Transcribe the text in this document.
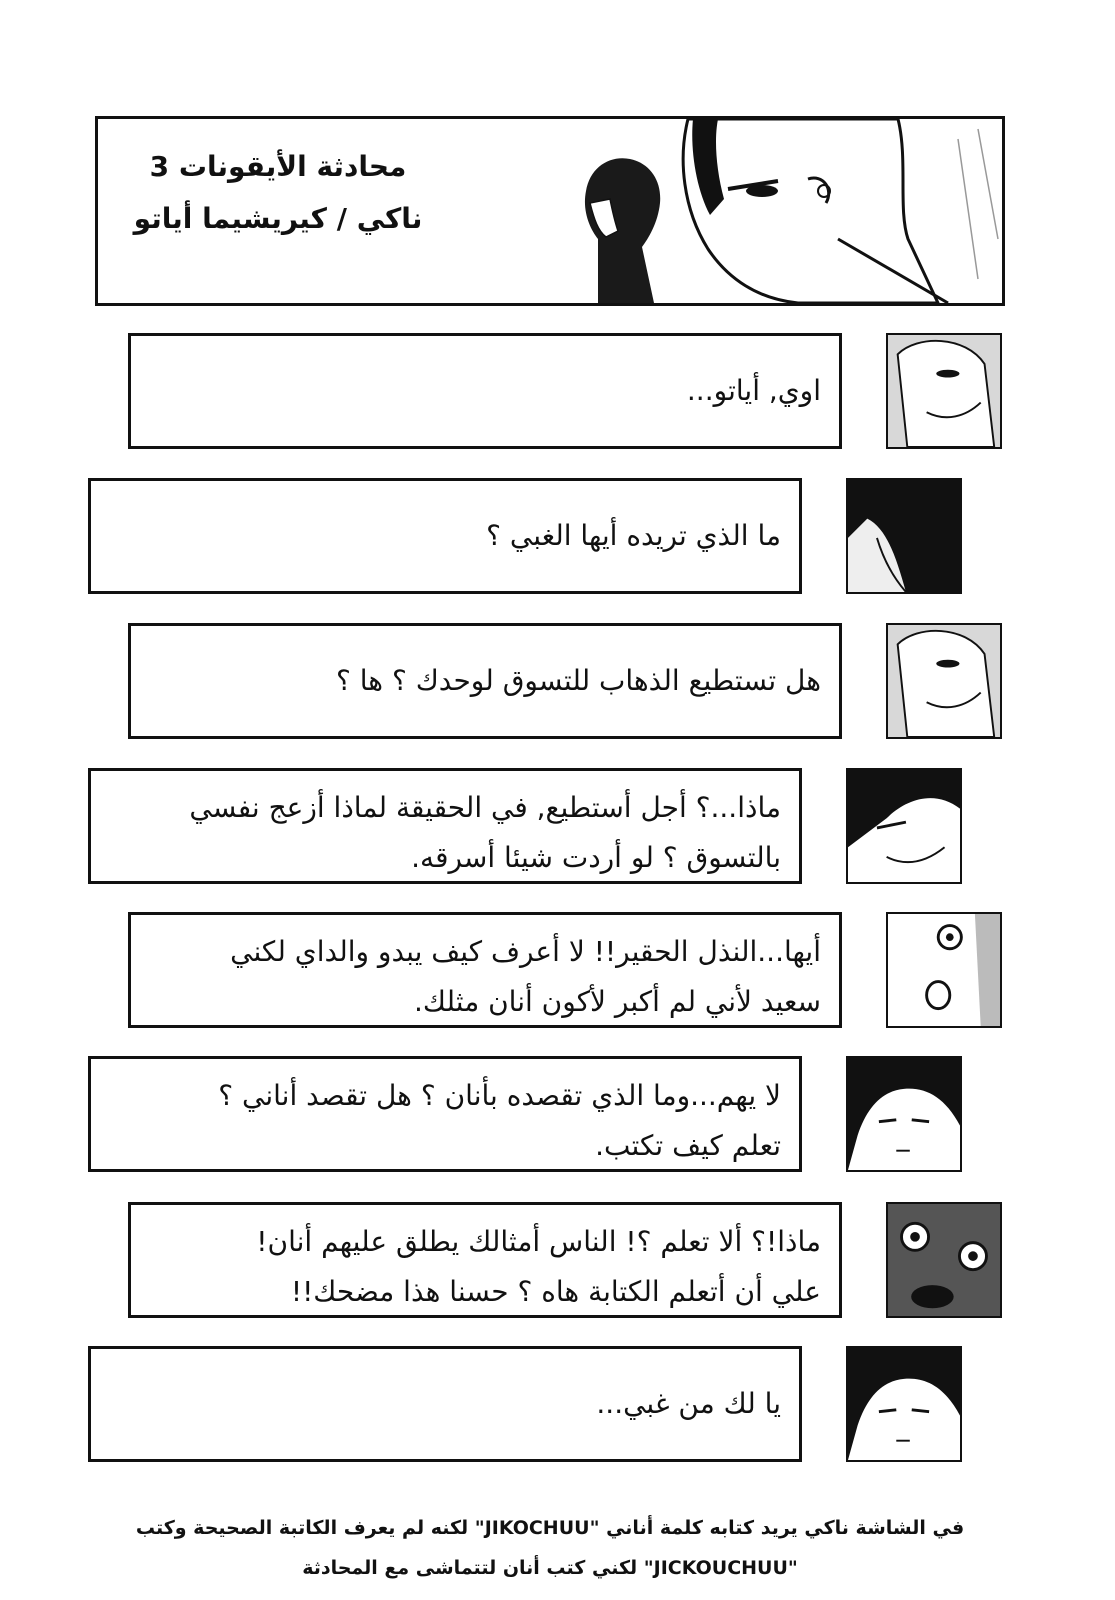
محادثة الأيقونات 3
ناكي / كيريشيما أياتو
اوي, أياتو...
ما الذي تريده أيها الغبي ؟
هل تستطيع الذهاب للتسوق لوحدك ؟ ها ؟
ماذا...؟ أجل أستطيع, في الحقيقة لماذا أزعج نفسي
بالتسوق ؟ لو أردت شيئا أسرقه.
أيها...النذل الحقير!! لا أعرف كيف يبدو والداي لكني
سعيد لأني لم أكبر لأكون أنان مثلك.
لا يهم...وما الذي تقصده بأنان ؟ هل تقصد أناني ؟
تعلم كيف تكتب.
ماذا!؟ ألا تعلم ؟! الناس أمثالك يطلق عليهم أنان!
علي أن أتعلم الكتابة هاه ؟ حسنا هذا مضحك!!
يا لك من غبي...
في الشاشة ناكي يريد كتابه كلمة أناني "JIKOCHUU" لكنه لم يعرف الكاتبة الصحيحة وكتب
"JICKOUCHUU" لكني كتب أنان لتتماشى مع المحادثة
